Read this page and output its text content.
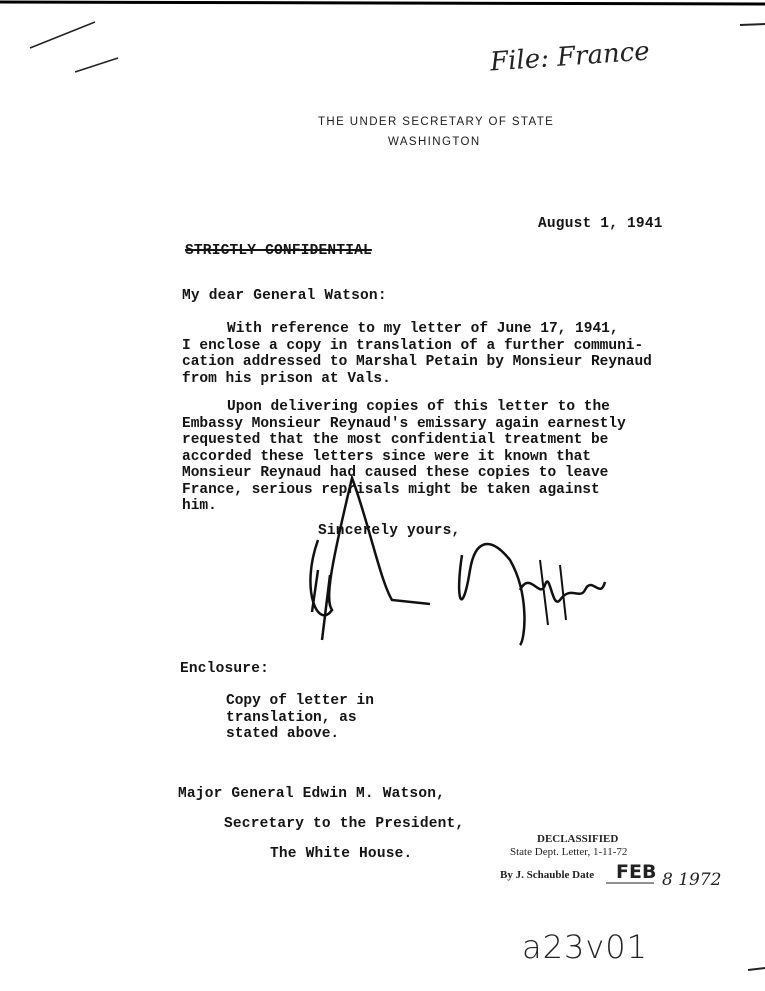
File: France
THE UNDER SECRETARY OF STATE
WASHINGTON
August 1, 1941
STRICTLY CONFIDENTIAL
My dear General Watson:
With reference to my letter of June 17, 1941,
I enclose a copy in translation of a further communi-
cation addressed to Marshal Petain by Monsieur Reynaud
from his prison at Vals.
Upon delivering copies of this letter to the
Embassy Monsieur Reynaud's emissary again earnestly
requested that the most confidential treatment be
accorded these letters since were it known that
Monsieur Reynaud had caused these copies to leave
France, serious reprisals might be taken against
him.
Sincerely yours,
Enclosure:
Copy of letter in
translation, as
stated above.
Major General Edwin M. Watson,
Secretary to the President,
The White House.
DECLASSIFIED
State Dept. Letter, 1-11-72
By J. Schauble Date FEB 8 1972
a23v01
